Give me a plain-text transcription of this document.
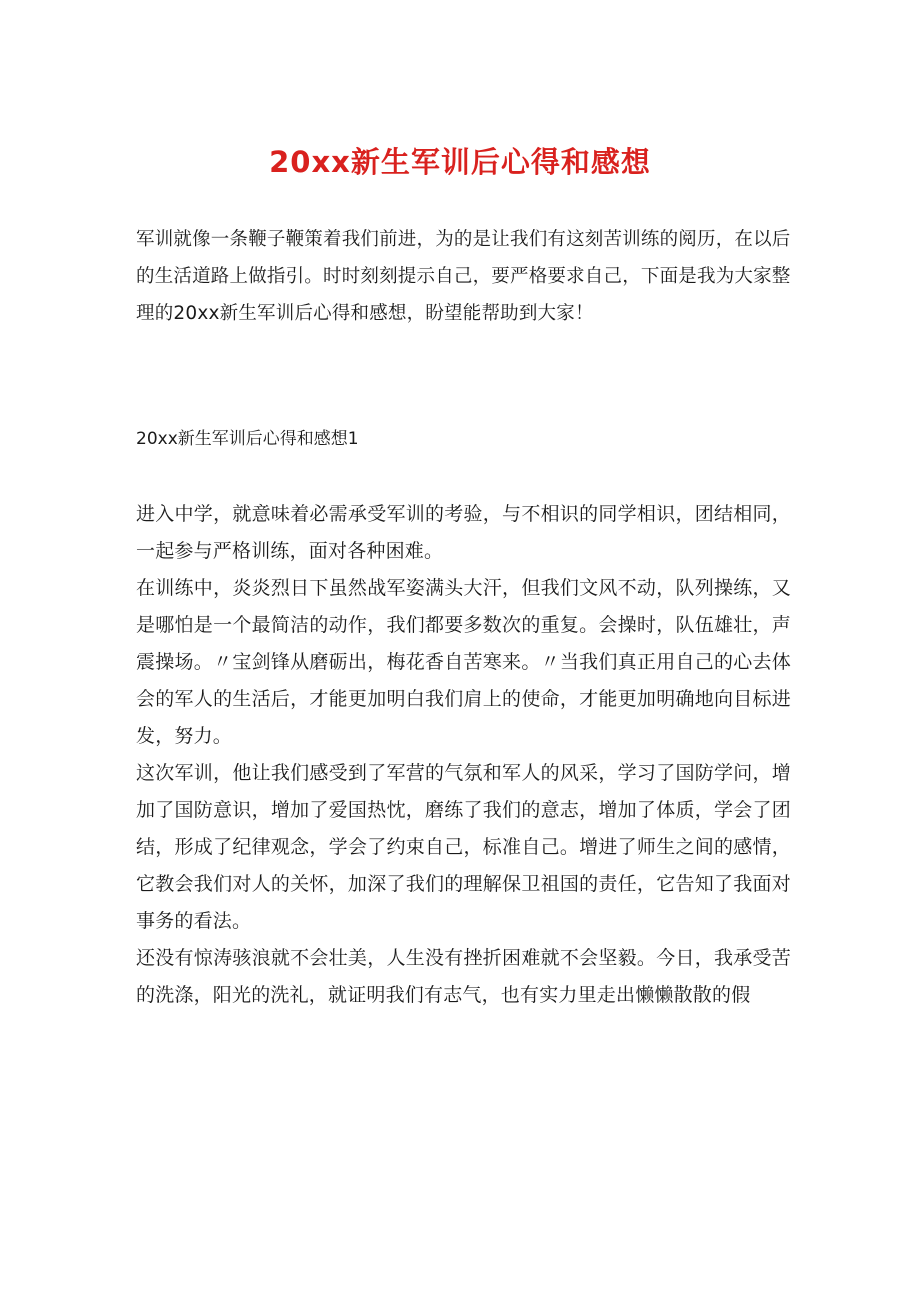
20xx新生军训后心得和感想

军训就像一条鞭子鞭策着我们前进，为的是让我们有这刻苦训练的阅历，在以后的生活道路上做指引。时时刻刻提示自己，要严格要求自己，下面是我为大家整理的20xx新生军训后心得和感想，盼望能帮助到大家！

20xx新生军训后心得和感想1

进入中学，就意味着必需承受军训的考验，与不相识的同学相识，团结相同，一起参与严格训练，面对各种困难。

在训练中，炎炎烈日下虽然战军姿满头大汗，但我们文风不动，队列操练，又是哪怕是一个最简洁的动作，我们都要多数次的重复。会操时，队伍雄壮，声震操场。〃宝剑锋从磨砺出，梅花香自苦寒来。〃当我们真正用自己的心去体会的军人的生活后，才能更加明白我们肩上的使命，才能更加明确地向目标进发，努力。

这次军训，他让我们感受到了军营的气氛和军人的风采，学习了国防学问，增加了国防意识，增加了爱国热忱，磨练了我们的意志，增加了体质，学会了团结，形成了纪律观念，学会了约束自己，标准自己。增进了师生之间的感情，它教会我们对人的关怀，加深了我们的理解保卫祖国的责任，它告知了我面对事务的看法。

还没有惊涛骇浪就不会壮美，人生没有挫折困难就不会坚毅。今日，我承受苦的洗涤，阳光的洗礼，就证明我们有志气，也有实力里走出懒懒散散的假
